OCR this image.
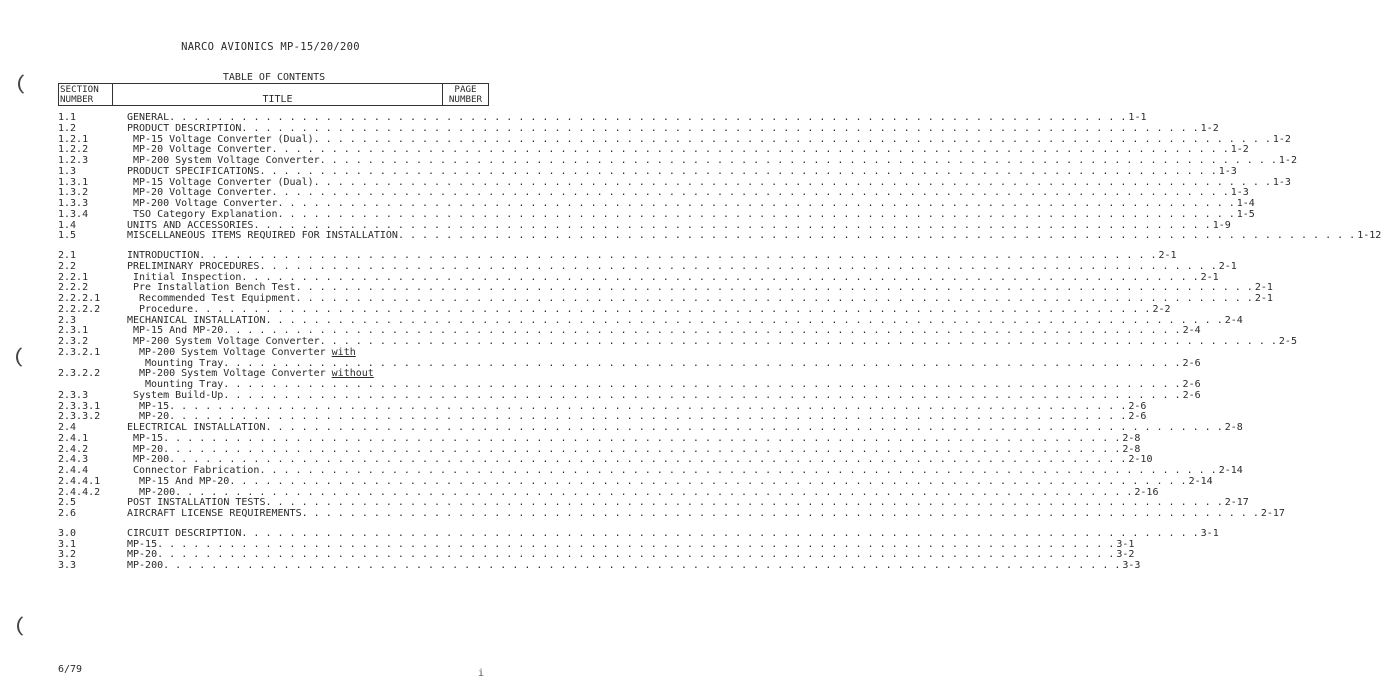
NARCO AVIONICS MP-15/20/200
TABLE OF CONTENTS
SECTION
NUMBER	TITLE
PAGE
NUMBER
1.1	GENERAL . . . . . . . . . . . . . . . . . . . . . . . . . . . . . . . . . . . . . . . . . . . . . . . . . . . . . . . . . . . . . . . . . . . . . . . . . . . . . . . . 1-1
1.2	PRODUCT DESCRIPTION . . . . . . . . . . . . . . . . . . . . . . . . . . . . . . . . . . . . . . . . . . . . . . . . . . . . . . . . . . . . . . . . . . . . . . . . . . . . . . . . 1-2
1.2.1	MP-15 Voltage Converter (Dual) . . . . . . . . . . . . . . . . . . . . . . . . . . . . . . . . . . . . . . . . . . . . . . . . . . . . . . . . . . . . . . . . . . . . . . . . . . . . . . . . 1-2
1.2.2	MP-20 Voltage Converter . . . . . . . . . . . . . . . . . . . . . . . . . . . . . . . . . . . . . . . . . . . . . . . . . . . . . . . . . . . . . . . . . . . . . . . . . . . . . . . . 1-2
1.2.3	MP-200 System Voltage Converter . . . . . . . . . . . . . . . . . . . . . . . . . . . . . . . . . . . . . . . . . . . . . . . . . . . . . . . . . . . . . . . . . . . . . . . . . . . . . . . . 1-2
1.3	PRODUCT SPECIFICATIONS . . . . . . . . . . . . . . . . . . . . . . . . . . . . . . . . . . . . . . . . . . . . . . . . . . . . . . . . . . . . . . . . . . . . . . . . . . . . . . . . 1-3
1.3.1	MP-15 Voltage Converter (Dual) . . . . . . . . . . . . . . . . . . . . . . . . . . . . . . . . . . . . . . . . . . . . . . . . . . . . . . . . . . . . . . . . . . . . . . . . . . . . . . . . 1-3
1.3.2	MP-20 Voltage Converter . . . . . . . . . . . . . . . . . . . . . . . . . . . . . . . . . . . . . . . . . . . . . . . . . . . . . . . . . . . . . . . . . . . . . . . . . . . . . . . . 1-3
1.3.3	MP-200 Voltage Converter . . . . . . . . . . . . . . . . . . . . . . . . . . . . . . . . . . . . . . . . . . . . . . . . . . . . . . . . . . . . . . . . . . . . . . . . . . . . . . . . 1-4
1.3.4	TSO Category Explanation . . . . . . . . . . . . . . . . . . . . . . . . . . . . . . . . . . . . . . . . . . . . . . . . . . . . . . . . . . . . . . . . . . . . . . . . . . . . . . . . 1-5
1.4	UNITS AND ACCESSORIES . . . . . . . . . . . . . . . . . . . . . . . . . . . . . . . . . . . . . . . . . . . . . . . . . . . . . . . . . . . . . . . . . . . . . . . . . . . . . . . . 1-9
1.5	MISCELLANEOUS ITEMS REQUIRED FOR INSTALLATION . . . . . . . . . . . . . . . . . . . . . . . . . . . . . . . . . . . . . . . . . . . . . . . . . . . . . . . . . . . . . . . . . . . . . . . . . . . . . . . . 1-12
2.1	INTRODUCTION . . . . . . . . . . . . . . . . . . . . . . . . . . . . . . . . . . . . . . . . . . . . . . . . . . . . . . . . . . . . . . . . . . . . . . . . . . . . . . . . 2-1
2.2	PRELIMINARY PROCEDURES . . . . . . . . . . . . . . . . . . . . . . . . . . . . . . . . . . . . . . . . . . . . . . . . . . . . . . . . . . . . . . . . . . . . . . . . . . . . . . . . 2-1
2.2.1	Initial Inspection . . . . . . . . . . . . . . . . . . . . . . . . . . . . . . . . . . . . . . . . . . . . . . . . . . . . . . . . . . . . . . . . . . . . . . . . . . . . . . . . 2-1
2.2.2	Pre Installation Bench Test . . . . . . . . . . . . . . . . . . . . . . . . . . . . . . . . . . . . . . . . . . . . . . . . . . . . . . . . . . . . . . . . . . . . . . . . . . . . . . . . 2-1
2.2.2.1	Recommended Test Equipment . . . . . . . . . . . . . . . . . . . . . . . . . . . . . . . . . . . . . . . . . . . . . . . . . . . . . . . . . . . . . . . . . . . . . . . . . . . . . . . . 2-1
2.2.2.2	Procedure . . . . . . . . . . . . . . . . . . . . . . . . . . . . . . . . . . . . . . . . . . . . . . . . . . . . . . . . . . . . . . . . . . . . . . . . . . . . . . . . 2-2
2.3	MECHANICAL INSTALLATION . . . . . . . . . . . . . . . . . . . . . . . . . . . . . . . . . . . . . . . . . . . . . . . . . . . . . . . . . . . . . . . . . . . . . . . . . . . . . . . . 2-4
2.3.1	MP-15 And MP-20 . . . . . . . . . . . . . . . . . . . . . . . . . . . . . . . . . . . . . . . . . . . . . . . . . . . . . . . . . . . . . . . . . . . . . . . . . . . . . . . . 2-4
2.3.2	MP-200 System Voltage Converter . . . . . . . . . . . . . . . . . . . . . . . . . . . . . . . . . . . . . . . . . . . . . . . . . . . . . . . . . . . . . . . . . . . . . . . . . . . . . . . . 2-5
2.3.2.1	MP-200 System Voltage Converter with
Mounting Tray . . . . . . . . . . . . . . . . . . . . . . . . . . . . . . . . . . . . . . . . . . . . . . . . . . . . . . . . . . . . . . . . . . . . . . . . . . . . . . . . 2-6
2.3.2.2	MP-200 System Voltage Converter without
Mounting Tray . . . . . . . . . . . . . . . . . . . . . . . . . . . . . . . . . . . . . . . . . . . . . . . . . . . . . . . . . . . . . . . . . . . . . . . . . . . . . . . . 2-6
2.3.3	System Build-Up . . . . . . . . . . . . . . . . . . . . . . . . . . . . . . . . . . . . . . . . . . . . . . . . . . . . . . . . . . . . . . . . . . . . . . . . . . . . . . . . 2-6
2.3.3.1	MP-15 . . . . . . . . . . . . . . . . . . . . . . . . . . . . . . . . . . . . . . . . . . . . . . . . . . . . . . . . . . . . . . . . . . . . . . . . . . . . . . . . 2-6
2.3.3.2	MP-20 . . . . . . . . . . . . . . . . . . . . . . . . . . . . . . . . . . . . . . . . . . . . . . . . . . . . . . . . . . . . . . . . . . . . . . . . . . . . . . . . 2-6
2.4	ELECTRICAL INSTALLATION . . . . . . . . . . . . . . . . . . . . . . . . . . . . . . . . . . . . . . . . . . . . . . . . . . . . . . . . . . . . . . . . . . . . . . . . . . . . . . . . 2-8
2.4.1	MP-15 . . . . . . . . . . . . . . . . . . . . . . . . . . . . . . . . . . . . . . . . . . . . . . . . . . . . . . . . . . . . . . . . . . . . . . . . . . . . . . . . 2-8
2.4.2	MP-20 . . . . . . . . . . . . . . . . . . . . . . . . . . . . . . . . . . . . . . . . . . . . . . . . . . . . . . . . . . . . . . . . . . . . . . . . . . . . . . . . 2-8
2.4.3	MP-200 . . . . . . . . . . . . . . . . . . . . . . . . . . . . . . . . . . . . . . . . . . . . . . . . . . . . . . . . . . . . . . . . . . . . . . . . . . . . . . . . 2-10
2.4.4	Connector Fabrication . . . . . . . . . . . . . . . . . . . . . . . . . . . . . . . . . . . . . . . . . . . . . . . . . . . . . . . . . . . . . . . . . . . . . . . . . . . . . . . . 2-14
2.4.4.1	MP-15 And MP-20 . . . . . . . . . . . . . . . . . . . . . . . . . . . . . . . . . . . . . . . . . . . . . . . . . . . . . . . . . . . . . . . . . . . . . . . . . . . . . . . . 2-14
2.4.4.2	MP-200 . . . . . . . . . . . . . . . . . . . . . . . . . . . . . . . . . . . . . . . . . . . . . . . . . . . . . . . . . . . . . . . . . . . . . . . . . . . . . . . . 2-16
2.5	POST INSTALLATION TESTS . . . . . . . . . . . . . . . . . . . . . . . . . . . . . . . . . . . . . . . . . . . . . . . . . . . . . . . . . . . . . . . . . . . . . . . . . . . . . . . . 2-17
2.6	AIRCRAFT LICENSE REQUIREMENTS . . . . . . . . . . . . . . . . . . . . . . . . . . . . . . . . . . . . . . . . . . . . . . . . . . . . . . . . . . . . . . . . . . . . . . . . . . . . . . . . 2-17
3.0	CIRCUIT DESCRIPTION . . . . . . . . . . . . . . . . . . . . . . . . . . . . . . . . . . . . . . . . . . . . . . . . . . . . . . . . . . . . . . . . . . . . . . . . . . . . . . . . 3-1
3.1	MP-15 . . . . . . . . . . . . . . . . . . . . . . . . . . . . . . . . . . . . . . . . . . . . . . . . . . . . . . . . . . . . . . . . . . . . . . . . . . . . . . . . 3-1
3.2	MP-20 . . . . . . . . . . . . . . . . . . . . . . . . . . . . . . . . . . . . . . . . . . . . . . . . . . . . . . . . . . . . . . . . . . . . . . . . . . . . . . . . 3-2
3.3	MP-200 . . . . . . . . . . . . . . . . . . . . . . . . . . . . . . . . . . . . . . . . . . . . . . . . . . . . . . . . . . . . . . . . . . . . . . . . . . . . . . . . 3-3
6/79	i
